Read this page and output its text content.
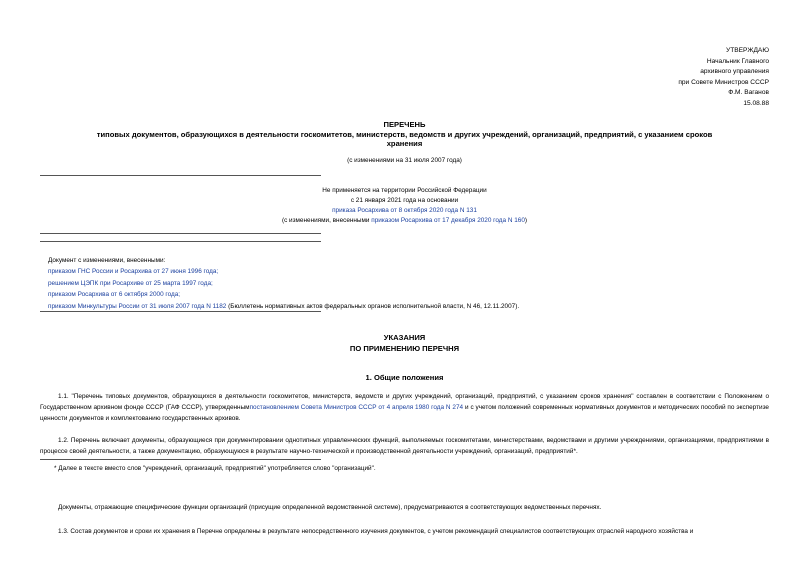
УТВЕРЖДАЮ
Начальник Главного
архивного управления
при Совете Министров СССР
Ф.М. Ваганов
15.08.88
ПЕРЕЧЕНЬ
типовых документов, образующихся в деятельности госкомитетов, министерств, ведомств и других учреждений, организаций, предприятий, с указанием сроков
хранения
(с изменениями на 31 июля 2007 года)
Не применяется на территории Российской Федерации
с 21 января 2021 года на основании
приказа Росархива от 8 октября 2020 года N 131
(с изменениями, внесенными приказом Росархива от 17 декабря 2020 года N 160)
Документ с изменениями, внесенными:
приказом ГНС России и Росархива от 27 июня 1996 года;
решением ЦЭПК при Росархиве от 25 марта 1997 года;
приказом Росархива от 6 октября 2000 года;
приказом Минкультуры России от 31 июля 2007 года N 1182 (Бюллетень нормативных актов федеральных органов исполнительной власти, N 46, 12.11.2007).
УКАЗАНИЯ
ПО ПРИМЕНЕНИЮ ПЕРЕЧНЯ
1. Общие положения
1.1. "Перечень типовых документов, образующихся в деятельности госкомитетов, министерств, ведомств и других учреждений, организаций, предприятий, с указанием сроков хранения" составлен в соответствии с Положением о Государственном архивном фонде СССР (ГАФ СССР), утвержденнымпостановлением Совета Министров СССР от 4 апреля 1980 года N 274 и с учетом положений современных нормативных документов и методических пособий по экспертизе ценности документов и комплектованию государственных архивов.
1.2. Перечень включает документы, образующиеся при документировании однотипных управленческих функций, выполняемых госкомитетами, министерствами, ведомствами и другими учреждениями, организациями, предприятиями в процессе своей деятельности, а также документацию, образующуюся в результате научно-технической и производственной деятельности учреждений, организаций, предприятий*.
* Далее в тексте вместо слов "учреждений, организаций, предприятий" употребляется слово "организаций".
Документы, отражающие специфические функции организаций (присущие определенной ведомственной системе), предусматриваются в соответствующих ведомственных перечнях.
1.3. Состав документов и сроки их хранения в Перечне определены в результате непосредственного изучения документов, с учетом рекомендаций специалистов соответствующих отраслей народного хозяйства и
